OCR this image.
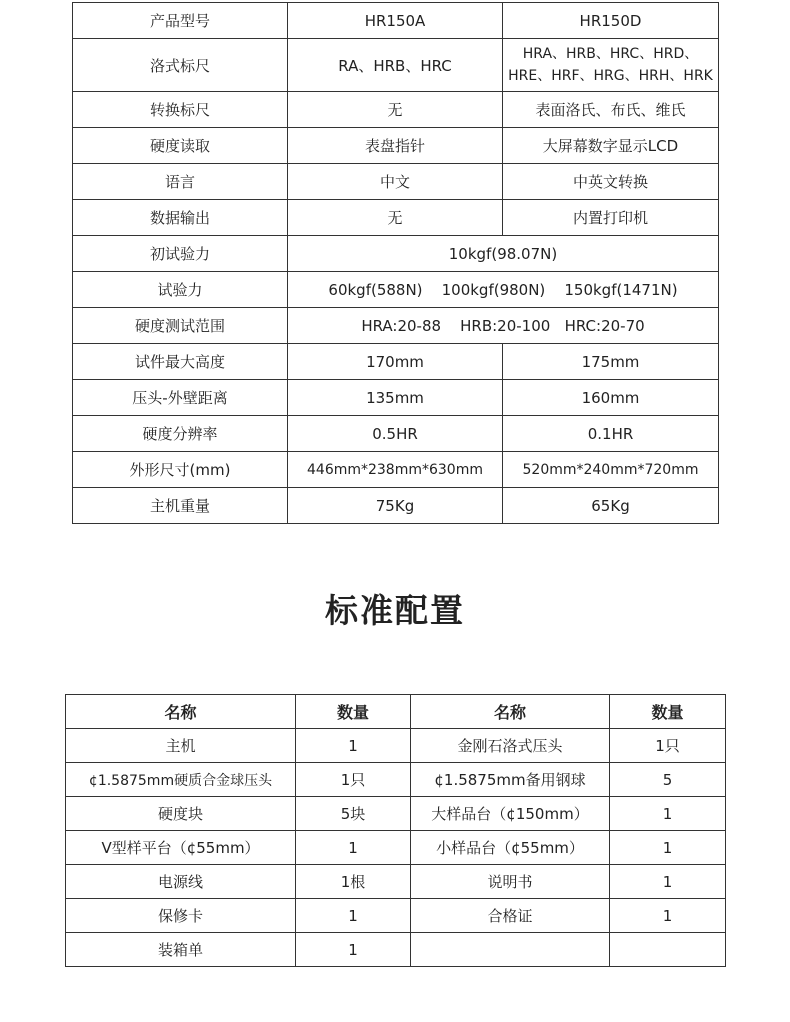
产品型号	HR150A	HR150D
洛式标尺	RA、HRB、HRC	HRA、HRB、HRC、HRD、HRE、HRF、HRG、HRH、HRK
转换标尺	无	表面洛氏、布氏、维氏
硬度读取	表盘指针	大屏幕数字显示LCD
语言	中文	中英文转换
数据输出	无	内置打印机
初试验力	10kgf(98.07N)	
试验力	60kgf(588N)    100kgf(980N)    150kgf(1471N)	
硬度测试范围	HRA:20-88    HRB:20-100   HRC:20-70	
试件最大高度	170mm	175mm
压头-外壁距离	135mm	160mm
硬度分辨率	0.5HR	0.1HR
外形尺寸(mm)	446mm*238mm*630mm	520mm*240mm*720mm
主机重量	75Kg	65Kg
标准配置
名称	数量	名称	数量
主机	1	金刚石洛式压头	1只
¢1.5875mm硬质合金球压头	1只	¢1.5875mm备用钢球	5
硬度块	5块	大样品台（¢150mm）	1
V型样平台（¢55mm）	1	小样品台（¢55mm）	1
电源线	1根	说明书	1
保修卡	1	合格证	1
装箱单	1		
